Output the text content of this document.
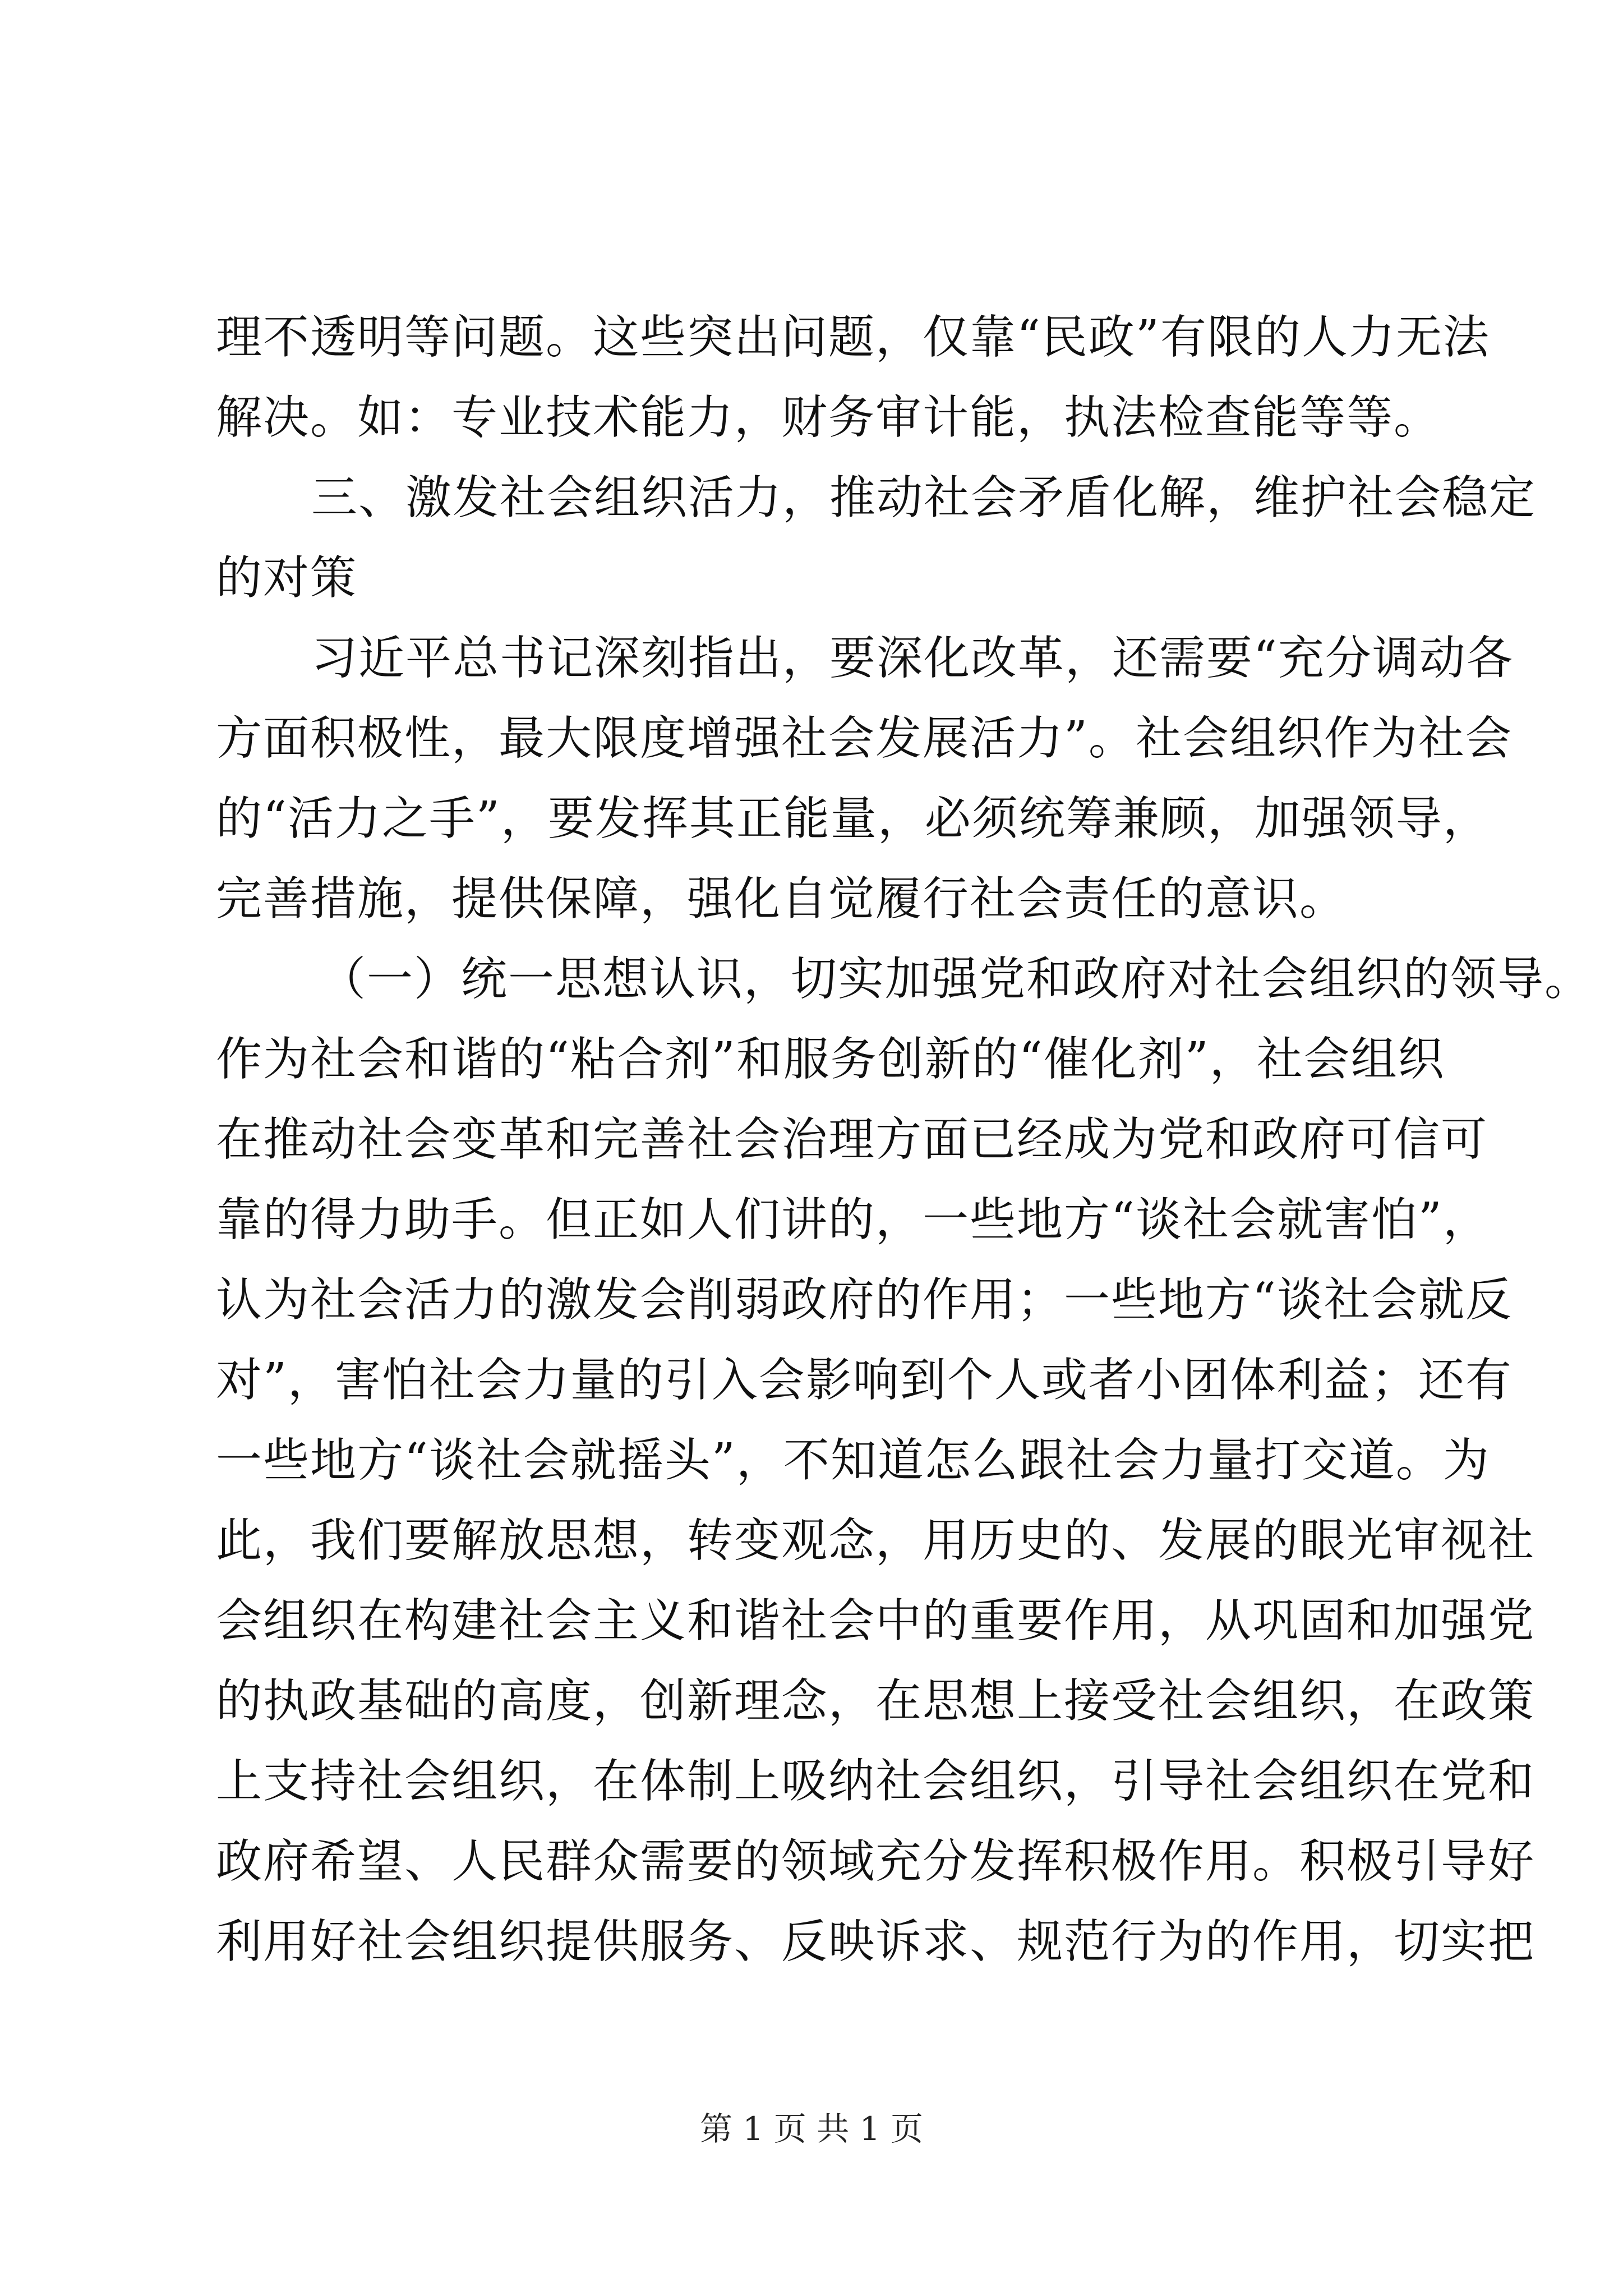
理不透明等问题。这些突出问题，仅靠“民政”有限的人力无法
解决。如：专业技术能力，财务审计能，执法检查能等等。
三、激发社会组织活力，推动社会矛盾化解，维护社会稳定
的对策
习近平总书记深刻指出，要深化改革，还需要“充分调动各
方面积极性，最大限度增强社会发展活力”。社会组织作为社会
的“活力之手”，要发挥其正能量，必须统筹兼顾，加强领导，
完善措施，提供保障，强化自觉履行社会责任的意识。
（一）统一思想认识，切实加强党和政府对社会组织的领导。
作为社会和谐的“粘合剂”和服务创新的“催化剂”，社会组织
在推动社会变革和完善社会治理方面已经成为党和政府可信可
靠的得力助手。但正如人们讲的，一些地方“谈社会就害怕”，
认为社会活力的激发会削弱政府的作用；一些地方“谈社会就反
对”，害怕社会力量的引入会影响到个人或者小团体利益；还有
一些地方“谈社会就摇头”，不知道怎么跟社会力量打交道。为
此，我们要解放思想，转变观念，用历史的、发展的眼光审视社
会组织在构建社会主义和谐社会中的重要作用，从巩固和加强党
的执政基础的高度，创新理念，在思想上接受社会组织，在政策
上支持社会组织，在体制上吸纳社会组织，引导社会组织在党和
政府希望、人民群众需要的领域充分发挥积极作用。积极引导好
利用好社会组织提供服务、反映诉求、规范行为的作用，切实把
第 1 页 共 1 页
